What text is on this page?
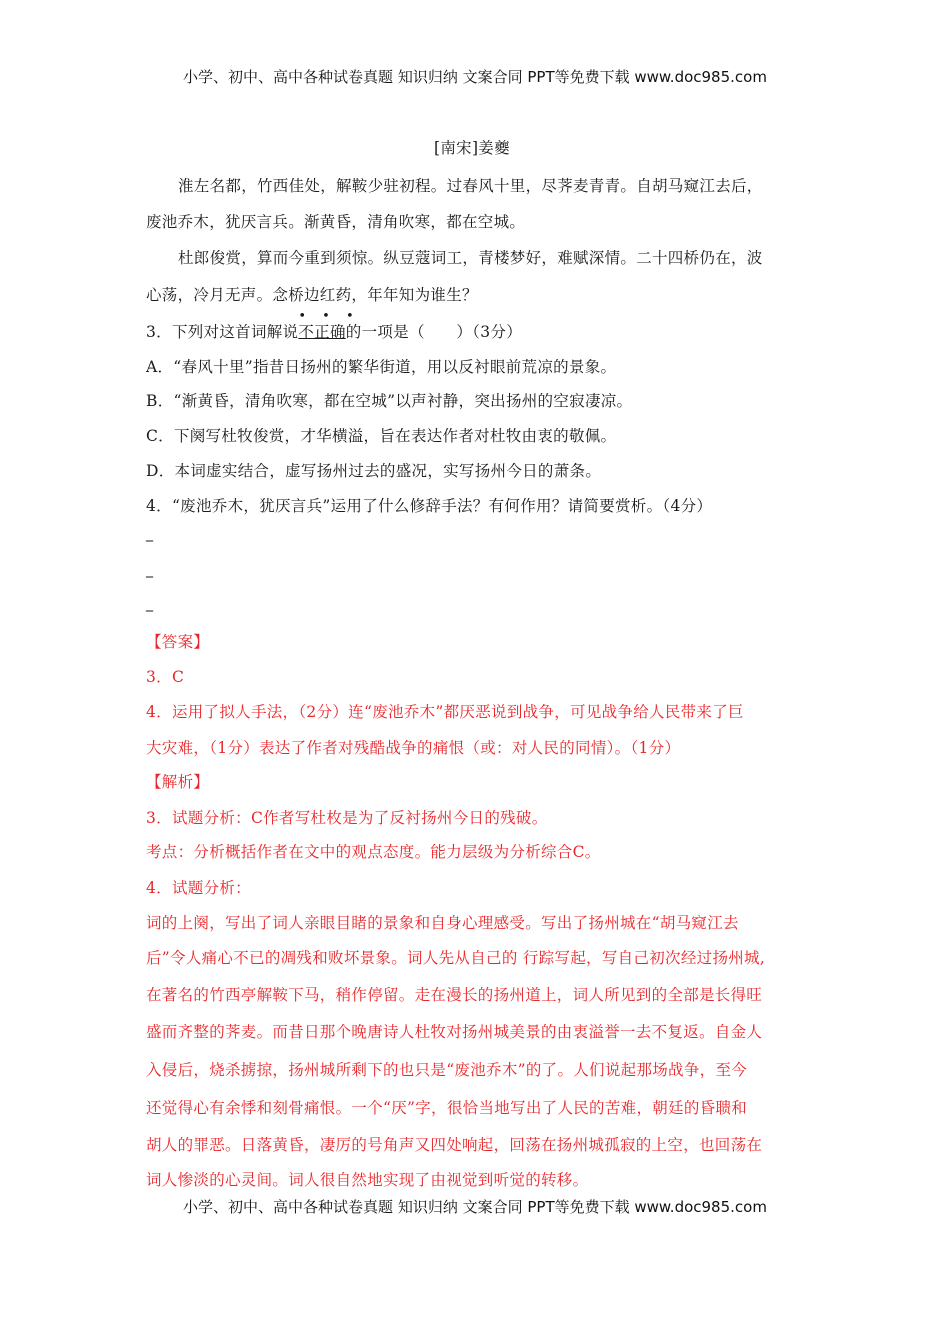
小学、初中、高中各种试卷真题 知识归纳 文案合同 PPT等免费下载 www.doc985.com
[南宋]姜夔
淮左名都，竹西佳处，解鞍少驻初程。过春风十里，尽荠麦青青。自胡马窥江去后，
废池乔木，犹厌言兵。渐黄昏，清角吹寒，都在空城。
杜郎俊赏，算而今重到须惊。纵豆蔻词工，青楼梦好，难赋深情。二十四桥仍在，波
心荡，冷月无声。念桥边红药，年年知为谁生？
3．下列对这首词解说
• • •
不正确的一项是（　　）（3分）
A．“春风十里”指昔日扬州的繁华街道，用以反衬眼前荒凉的景象。
B．“渐黄昏，清角吹寒，都在空城”以声衬静，突出扬州的空寂凄凉。
C．下阕写杜牧俊赏，才华横溢，旨在表达作者对杜牧由衷的敬佩。
D．本词虚实结合，虚写扬州过去的盛况，实写扬州今日的萧条。
4．“废池乔木，犹厌言兵”运用了什么修辞手法？有何作用？请简要赏析。（4分）
_
_
_
【答案】
3．C
4．运用了拟人手法，（2分）连“废池乔木”都厌恶说到战争，可见战争给人民带来了巨
大灾难，（1分）表达了作者对残酷战争的痛恨（或：对人民的同情）。（1分）
【解析】
3．试题分析：C作者写杜枚是为了反衬扬州今日的残破。
考点：分析概括作者在文中的观点态度。能力层级为分析综合C。
4．试题分析：
词的上阕，写出了词人亲眼目睹的景象和自身心理感受。写出了扬州城在“胡马窥江去
后”令人痛心不已的凋残和败坏景象。词人先从自己的 行踪写起，写自己初次经过扬州城,
在著名的竹西亭解鞍下马，稍作停留。走在漫长的扬州道上，词人所见到的全部是长得旺
盛而齐整的荠麦。而昔日那个晚唐诗人杜牧对扬州城美景的由衷溢誉一去不复返。自金人
入侵后，烧杀掳掠，扬州城所剩下的也只是“废池乔木”的了。人们说起那场战争，至今
还觉得心有余悸和刻骨痛恨。一个“厌”字，很恰当地写出了人民的苦难，朝廷的昏聩和
胡人的罪恶。日落黄昏，凄厉的号角声又四处响起，回荡在扬州城孤寂的上空，也回荡在
词人惨淡的心灵间。词人很自然地实现了由视觉到听觉的转移。
小学、初中、高中各种试卷真题 知识归纳 文案合同 PPT等免费下载 www.doc985.com
